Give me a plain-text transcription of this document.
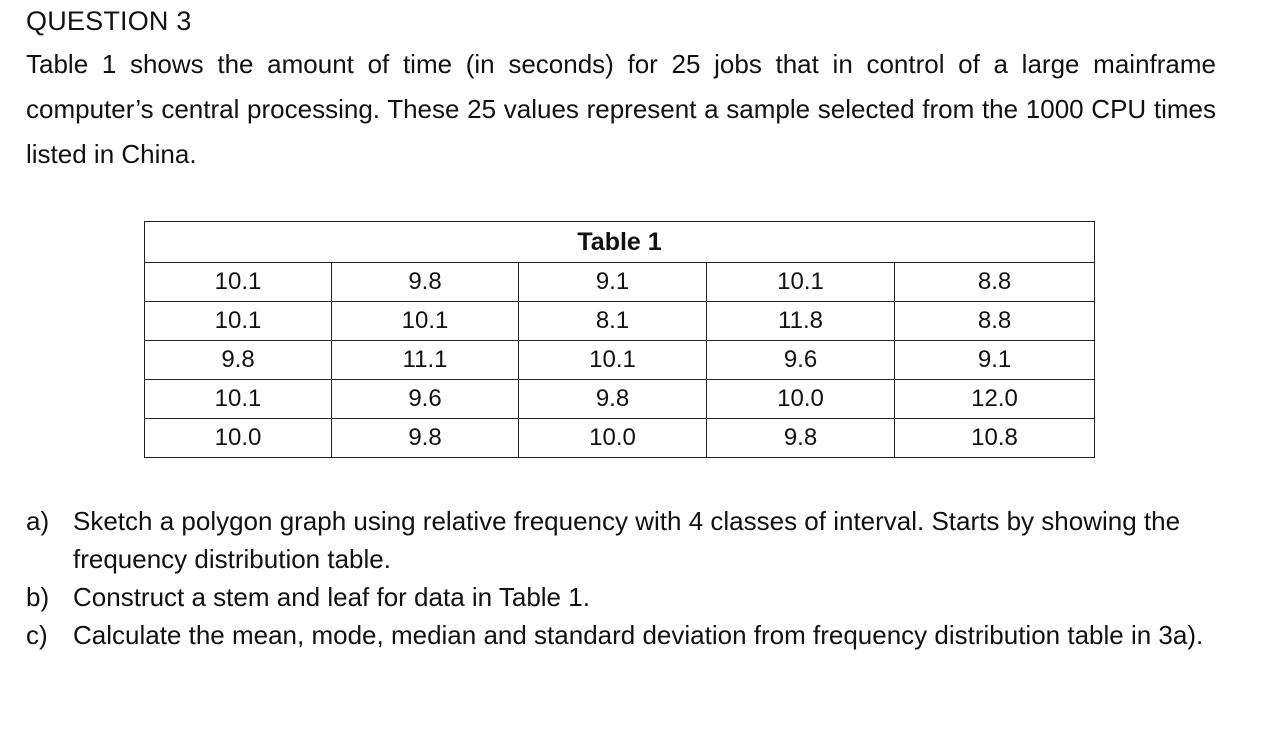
QUESTION 3
Table 1 shows the amount of time (in seconds) for 25 jobs that in control of a large mainframe computer’s central processing. These 25 values represent a sample selected from the 1000 CPU times listed in China.
Table 1				
10.1	9.8	9.1	10.1	8.8
10.1	10.1	8.1	11.8	8.8
9.8	11.1	10.1	9.6	9.1
10.1	9.6	9.8	10.0	12.0
10.0	9.8	10.0	9.8	10.8
a) Sketch a polygon graph using relative frequency with 4 classes of interval. Starts by showing the frequency distribution table.
b) Construct a stem and leaf for data in Table 1.
c) Calculate the mean, mode, median and standard deviation from frequency distribution table in 3a).
